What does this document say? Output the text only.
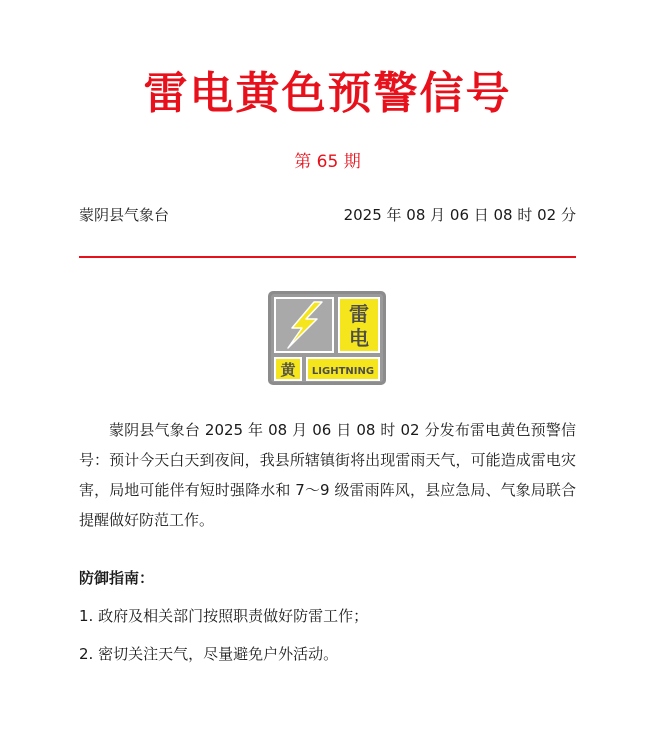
雷电黄色预警信号
第 65 期
蒙阴县气象台	2025 年 08 月 06 日 08 时 02 分
雷
电
黄 LIGHTNING

蒙阴县气象台 2025 年 08 月 06 日 08 时 02 分发布雷电黄色预警信号：预计今天白天到夜间，我县所辖镇街将出现雷雨天气，可能造成雷电灾害，局地可能伴有短时强降水和 7～9 级雷雨阵风，县应急局、气象局联合提醒做好防范工作。

防御指南：
1. 政府及相关部门按照职责做好防雷工作；
2. 密切关注天气，尽量避免户外活动。
